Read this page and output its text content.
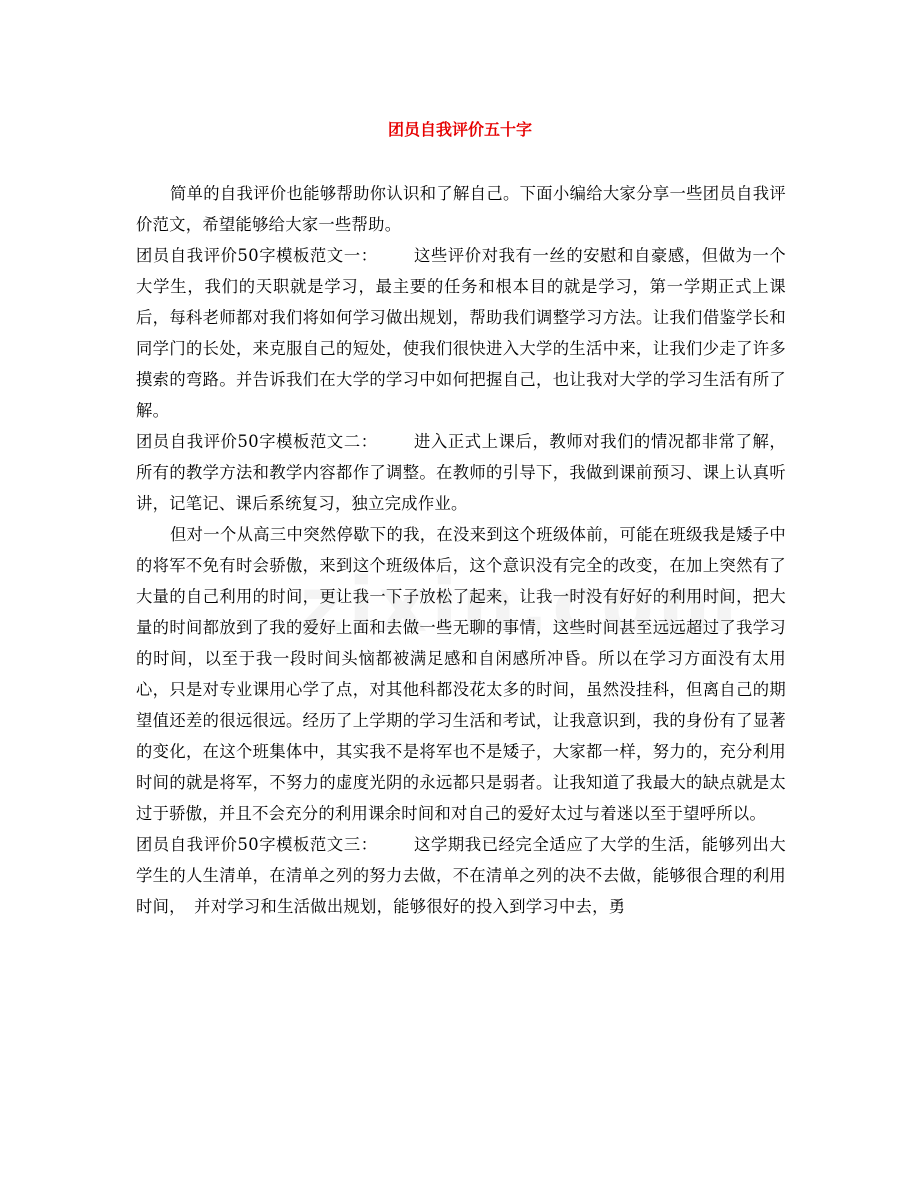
团员自我评价五十字

简单的自我评价也能够帮助你认识和了解自己。下面小编给大家分享一些团员自我评价范文，希望能够给大家一些帮助。

团员自我评价50字模板范文一： 这些评价对我有一丝的安慰和自豪感，但做为一个大学生，我们的天职就是学习，最主要的任务和根本目的就是学习，第一学期正式上课后，每科老师都对我们将如何学习做出规划，帮助我们调整学习方法。让我们借鉴学长和同学门的长处，来克服自己的短处，使我们很快进入大学的生活中来，让我们少走了许多摸索的弯路。并告诉我们在大学的学习中如何把握自己，也让我对大学的学习生活有所了解。

团员自我评价50字模板范文二： 进入正式上课后，教师对我们的情况都非常了解，所有的教学方法和教学内容都作了调整。在教师的引导下，我做到课前预习、课上认真听讲，记笔记、课后系统复习，独立完成作业。

但对一个从高三中突然停歇下的我，在没来到这个班级体前，可能在班级我是矮子中的将军不免有时会骄傲，来到这个班级体后，这个意识没有完全的改变，在加上突然有了大量的自己利用的时间，更让我一下子放松了起来，让我一时没有好好的利用时间，把大量的时间都放到了我的爱好上面和去做一些无聊的事情，这些时间甚至远远超过了我学习的时间，以至于我一段时间头恼都被满足感和自闲感所冲昏。所以在学习方面没有太用心，只是对专业课用心学了点，对其他科都没花太多的时间，虽然没挂科，但离自己的期望值还差的很远很远。经历了上学期的学习生活和考试，让我意识到，我的身份有了显著的变化，在这个班集体中，其实我不是将军也不是矮子，大家都一样，努力的，充分利用时间的就是将军，不努力的虚度光阴的永远都只是弱者。让我知道了我最大的缺点就是太过于骄傲，并且不会充分的利用课余时间和对自己的爱好太过与着迷以至于望呼所以。

团员自我评价50字模板范文三： 这学期我已经完全适应了大学的生活，能够列出大学生的人生清单，在清单之列的努力去做，不在清单之列的决不去做，能够很合理的利用时间，　并对学习和生活做出规划，能够很好的投入到学习中去，勇
